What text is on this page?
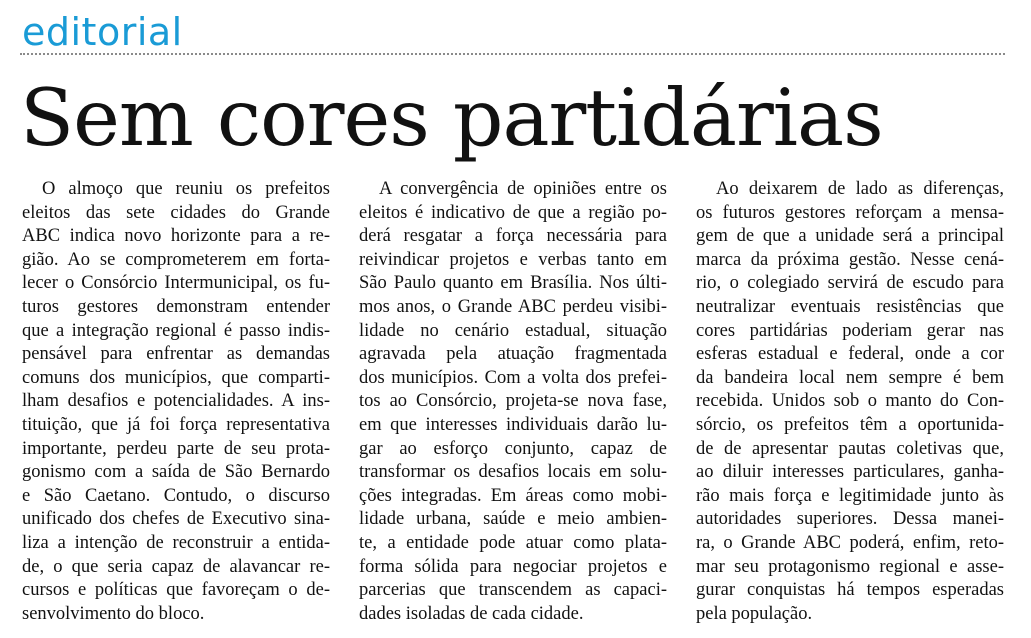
editorial
Sem cores partidárias
O almoço que reuniu os prefeitos
eleitos das sete cidades do Grande
ABC indica novo horizonte para a re-
gião. Ao se comprometerem em forta-
lecer o Consórcio Intermunicipal, os fu-
turos gestores demonstram entender
que a integração regional é passo indis-
pensável para enfrentar as demandas
comuns dos municípios, que comparti-
lham desafios e potencialidades. A ins-
tituição, que já foi força representativa
importante, perdeu parte de seu prota-
gonismo com a saída de São Bernardo
e São Caetano. Contudo, o discurso
unificado dos chefes de Executivo sina-
liza a intenção de reconstruir a entida-
de, o que seria capaz de alavancar re-
cursos e políticas que favoreçam o de-
senvolvimento do bloco.
A convergência de opiniões entre os
eleitos é indicativo de que a região po-
derá resgatar a força necessária para
reivindicar projetos e verbas tanto em
São Paulo quanto em Brasília. Nos últi-
mos anos, o Grande ABC perdeu visibi-
lidade no cenário estadual, situação
agravada pela atuação fragmentada
dos municípios. Com a volta dos prefei-
tos ao Consórcio, projeta-se nova fase,
em que interesses individuais darão lu-
gar ao esforço conjunto, capaz de
transformar os desafios locais em solu-
ções integradas. Em áreas como mobi-
lidade urbana, saúde e meio ambien-
te, a entidade pode atuar como plata-
forma sólida para negociar projetos e
parcerias que transcendem as capaci-
dades isoladas de cada cidade.
Ao deixarem de lado as diferenças,
os futuros gestores reforçam a mensa-
gem de que a unidade será a principal
marca da próxima gestão. Nesse cená-
rio, o colegiado servirá de escudo para
neutralizar eventuais resistências que
cores partidárias poderiam gerar nas
esferas estadual e federal, onde a cor
da bandeira local nem sempre é bem
recebida. Unidos sob o manto do Con-
sórcio, os prefeitos têm a oportunida-
de de apresentar pautas coletivas que,
ao diluir interesses particulares, ganha-
rão mais força e legitimidade junto às
autoridades superiores. Dessa manei-
ra, o Grande ABC poderá, enfim, reto-
mar seu protagonismo regional e asse-
gurar conquistas há tempos esperadas
pela população.
